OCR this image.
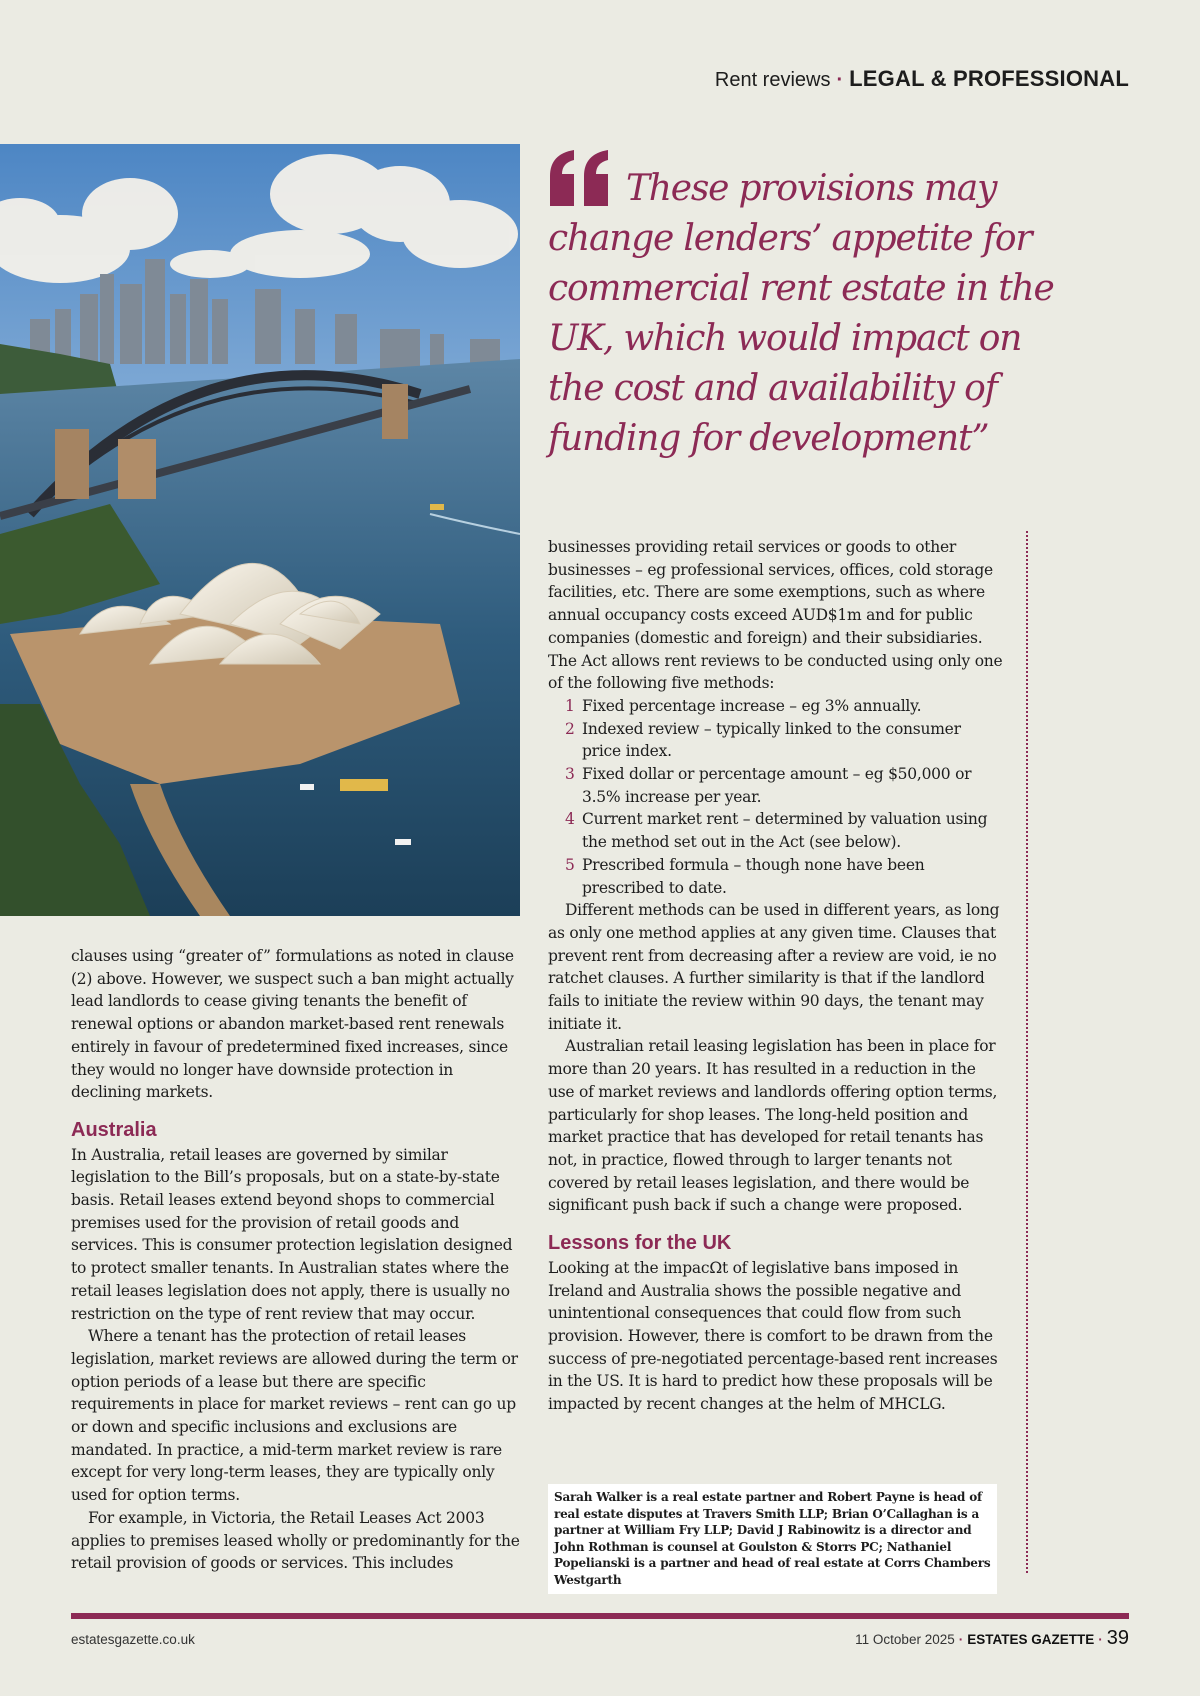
Rent reviews · LEGAL & PROFESSIONAL
These provisions may change lenders’ appetite for commercial rent estate in the UK, which would impact on the cost and availability of funding for development”

clauses using “greater of” formulations as noted in clause (2) above. However, we suspect such a ban might actually lead landlords to cease giving tenants the benefit of renewal options or abandon market-based rent renewals entirely in favour of predetermined fixed increases, since they would no longer have downside protection in declining markets.

Australia

In Australia, retail leases are governed by similar legislation to the Bill’s proposals, but on a state-by-state basis. Retail leases extend beyond shops to commercial premises used for the provision of retail goods and services. This is consumer protection legislation designed to protect smaller tenants. In Australian states where the retail leases legislation does not apply, there is usually no restriction on the type of rent review that may occur.

Where a tenant has the protection of retail leases legislation, market reviews are allowed during the term or option periods of a lease but there are specific requirements in place for market reviews – rent can go up or down and specific inclusions and exclusions are mandated. In practice, a mid-term market review is rare except for very long-term leases, they are typically only used for option terms.

For example, in Victoria, the Retail Leases Act 2003 applies to premises leased wholly or predominantly for the retail provision of goods or services. This includes

businesses providing retail services or goods to other businesses – eg professional services, offices, cold storage facilities, etc. There are some exemptions, such as where annual occupancy costs exceed AUD$1m and for public companies (domestic and foreign) and their subsidiaries. The Act allows rent reviews to be conducted using only one of the following five methods:

1 Fixed percentage increase – eg 3% annually.
2 Indexed review – typically linked to the consumer price index.
3 Fixed dollar or percentage amount – eg $50,000 or 3.5% increase per year.
4 Current market rent – determined by valuation using the method set out in the Act (see below).
5 Prescribed formula – though none have been prescribed to date.

Different methods can be used in different years, as long as only one method applies at any given time. Clauses that prevent rent from decreasing after a review are void, ie no ratchet clauses. A further similarity is that if the landlord fails to initiate the review within 90 days, the tenant may initiate it.

Australian retail leasing legislation has been in place for more than 20 years. It has resulted in a reduction in the use of market reviews and landlords offering option terms, particularly for shop leases. The long-held position and market practice that has developed for retail tenants has not, in practice, flowed through to larger tenants not covered by retail leases legislation, and there would be significant push back if such a change were proposed.

Lessons for the UK

Looking at the impacΩt of legislative bans imposed in Ireland and Australia shows the possible negative and unintentional consequences that could flow from such provision. However, there is comfort to be drawn from the success of pre-negotiated percentage-based rent increases in the US. It is hard to predict how these proposals will be impacted by recent changes at the helm of MHCLG.

Sarah Walker is a real estate partner and Robert Payne is head of real estate disputes at Travers Smith LLP; Brian O’Callaghan is a partner at William Fry LLP; David J Rabinowitz is a director and John Rothman is counsel at Goulston & Storrs PC; Nathaniel Popelianski is a partner and head of real estate at Corrs Chambers Westgarth
estatesgazette.co.uk	11 October 2025 · ESTATES GAZETTE · 39
